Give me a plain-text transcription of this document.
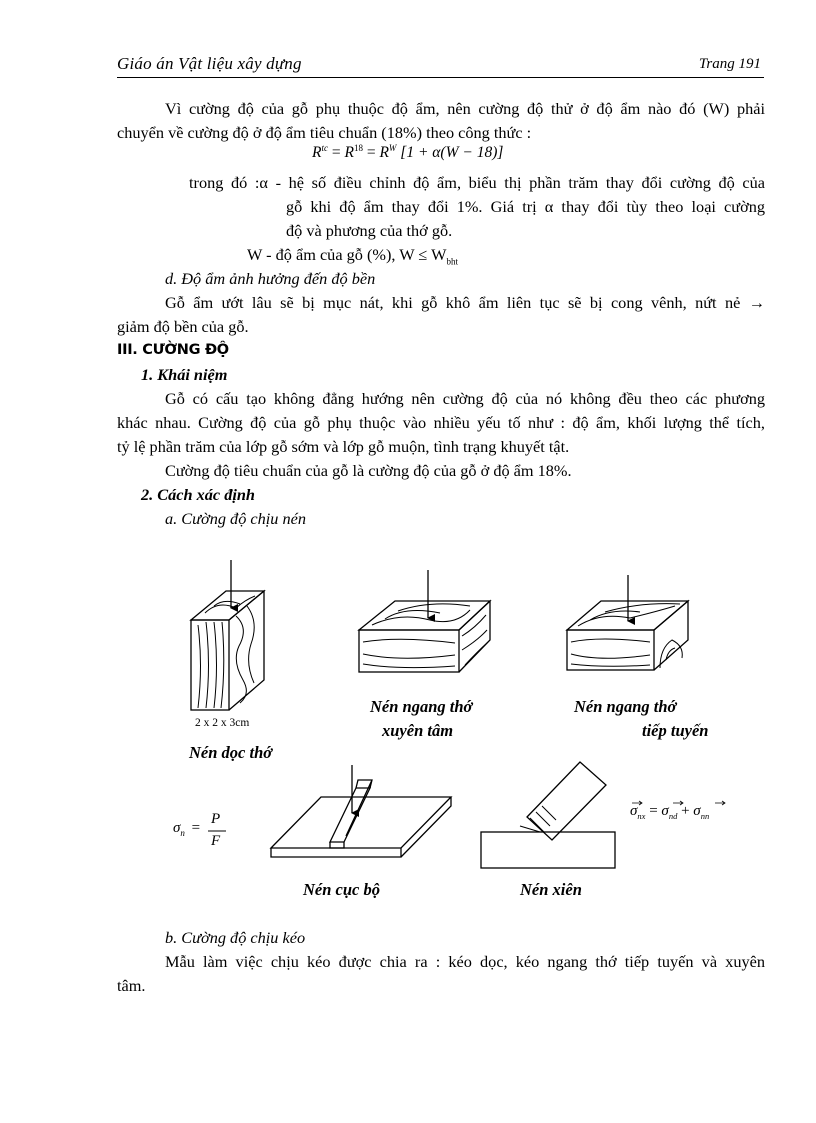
Giáo án Vật liệu xây dựng	Trang 191
Vì cường độ của gỗ phụ thuộc độ ẩm, nên cường độ thử ở độ ẩm nào đó (W) phải
chuyển về cường độ ở độ ẩm tiêu chuẩn (18%) theo công thức :
$R^{tc} = R^{18} = R^W$ [1 + α(W − 18)]
trong đó :α - hệ số điều chỉnh độ ẩm, biểu thị phần trăm thay đổi cường độ của
gỗ khi độ ẩm thay đổi 1%. Giá trị α thay đổi tùy theo loại cường
độ và phương của thớ gỗ.
W - độ ẩm của gỗ (%), $W \le W_{bht}$
d. Độ ẩm ảnh hưởng đến độ bền
Gỗ ẩm ướt lâu sẽ bị mục nát, khi gỗ khô ẩm liên tục sẽ bị cong vênh, nứt nẻ →
giảm độ bền của gỗ.
III. CƯỜNG ĐỘ
1. Khái niệm
Gỗ có cấu tạo không đẳng hướng nên cường độ của nó không đều theo các phương
khác nhau. Cường độ của gỗ phụ thuộc vào nhiều yếu tố như : độ ẩm, khối lượng thể tích,
tỷ lệ phần trăm của lớp gỗ sớm và lớp gỗ muộn, tình trạng khuyết tật.
Cường độ tiêu chuẩn của gỗ là cường độ của gỗ ở độ ẩm 18%.
2. Cách xác định
a. Cường độ chịu nén
2 x 2 x 3cm
Nén dọc thớ
Nén ngang thớ
xuyên tâm
Nén ngang thớ
tiếp tuyến
Nén cục bộ	Nén xiên
$\sigma_n$ =
P
F
$\sigma_{nx} = \sigma_{nd} + \sigma_{nn}$
b. Cường độ chịu kéo
Mẫu làm việc chịu kéo được chia ra : kéo dọc, kéo ngang thớ tiếp tuyến và xuyên
tâm.
